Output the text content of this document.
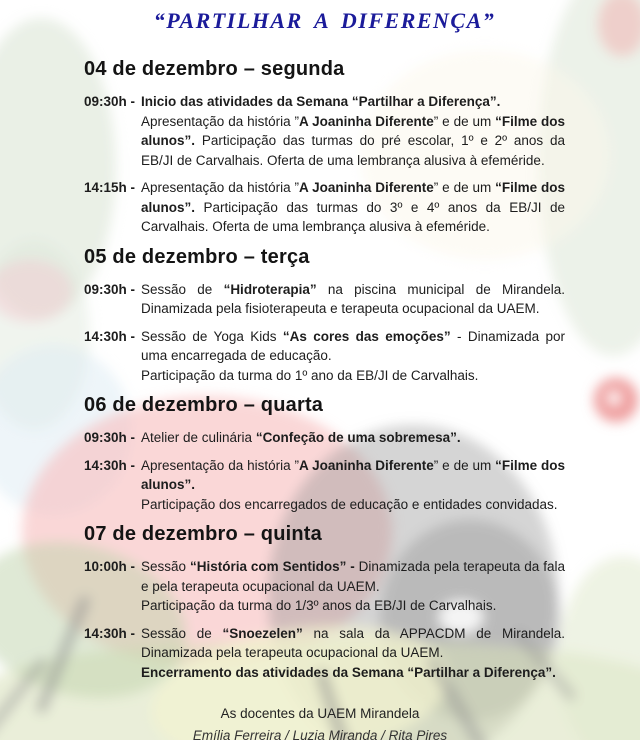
“PARTILHAR A DIFERENÇA”
04 de dezembro – segunda
09:30h - Inicio das atividades da Semana “Partilhar a Diferença”.
Apresentação da história ”A Joaninha Diferente” e de um “Filme dos alunos”. Participação das turmas do pré escolar, 1º e 2º anos da EB/JI de Carvalhais. Oferta de uma lembrança alusiva à efeméride.
14:15h - Apresentação da história ”A Joaninha Diferente” e de um “Filme dos alunos”. Participação das turmas do 3º e 4º anos da EB/JI de Carvalhais. Oferta de uma lembrança alusiva à efeméride.
05 de dezembro – terça
09:30h - Sessão de “Hidroterapia” na piscina municipal de Mirandela.
Dinamizada pela fisioterapeuta e terapeuta ocupacional da UAEM.
14:30h - Sessão de Yoga Kids “As cores das emoções” - Dinamizada por uma encarregada de educação.
Participação da turma do 1º ano da EB/JI de Carvalhais.
06 de dezembro – quarta
09:30h - Atelier de culinária “Confeção de uma sobremesa”.
14:30h - Apresentação da história ”A Joaninha Diferente” e de um “Filme dos alunos”.
Participação dos encarregados de educação e entidades convidadas.
07 de dezembro – quinta
10:00h - Sessão “História com Sentidos” - Dinamizada pela terapeuta da fala e pela terapeuta ocupacional da UAEM.
Participação da turma do 1/3º anos da EB/JI de Carvalhais.
14:30h - Sessão de “Snoezelen” na sala da APPACDM de Mirandela.
Dinamizada pela terapeuta ocupacional da UAEM.
Encerramento das atividades da Semana “Partilhar a Diferença”.
As docentes da UAEM Mirandela
Emília Ferreira / Luzia Miranda / Rita Pires
